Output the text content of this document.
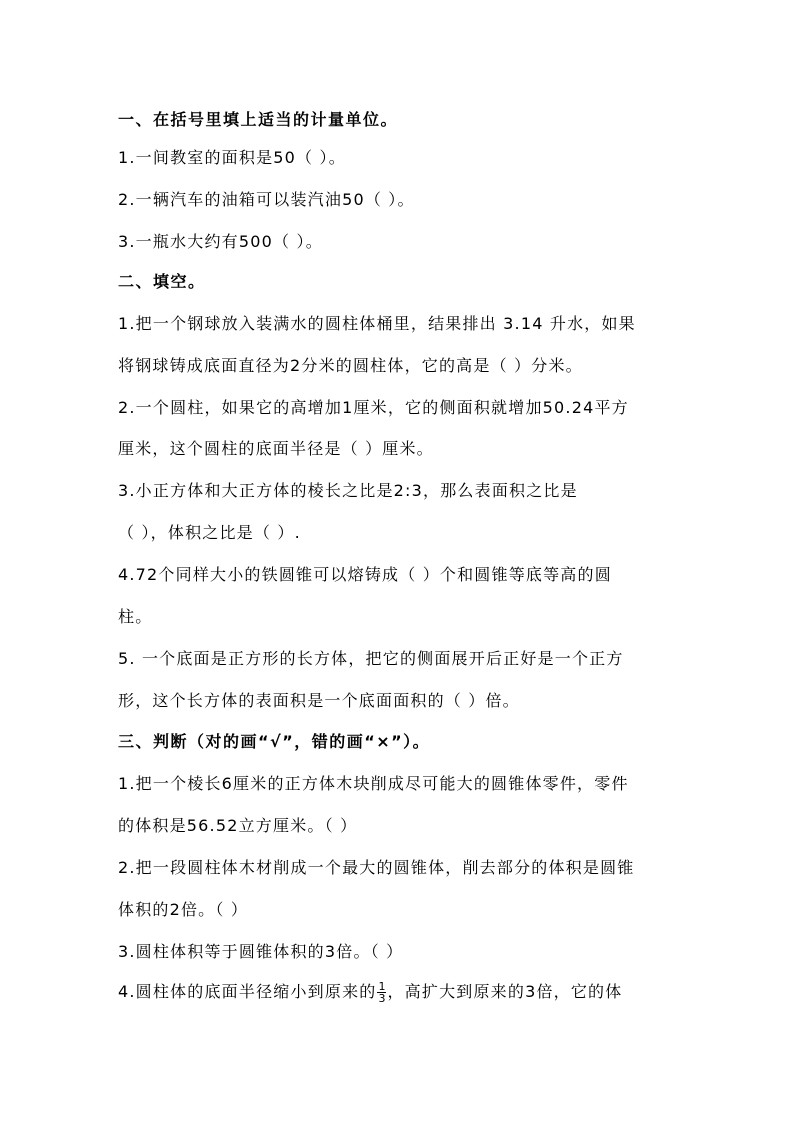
一、在括号里填上适当的计量单位。
1.一间教室的面积是50（ ）。
2.一辆汽车的油箱可以装汽油50（ ）。
3.一瓶水大约有500（ ）。
二、填空。
1.把一个钢球放入装满水的圆柱体桶里，结果排出 3.14 升水，如果
将钢球铸成底面直径为2分米的圆柱体，它的高是（ ）分米。
2.一个圆柱，如果它的高增加1厘米，它的侧面积就增加50.24平方
厘米，这个圆柱的底面半径是（ ）厘米。
3.小正方体和大正方体的棱长之比是2:3，那么表面积之比是
（ ），体积之比是（ ）.
4.72个同样大小的铁圆锥可以熔铸成（ ）个和圆锥等底等高的圆
柱。
5. 一个底面是正方形的长方体，把它的侧面展开后正好是一个正方
形，这个长方体的表面积是一个底面面积的（ ）倍。
三、判断（对的画“√”，错的画“×”）。
1.把一个棱长6厘米的正方体木块削成尽可能大的圆锥体零件，零件
的体积是56.52立方厘米。（ ）
2.把一段圆柱体木材削成一个最大的圆锥体，削去部分的体积是圆锥
体积的2倍。（ ）
3.圆柱体积等于圆锥体积的3倍。（ ）
4.圆柱体的底面半径缩小到原来的 $\frac{1}{3}$ ，高扩大到原来的3倍，它的体
